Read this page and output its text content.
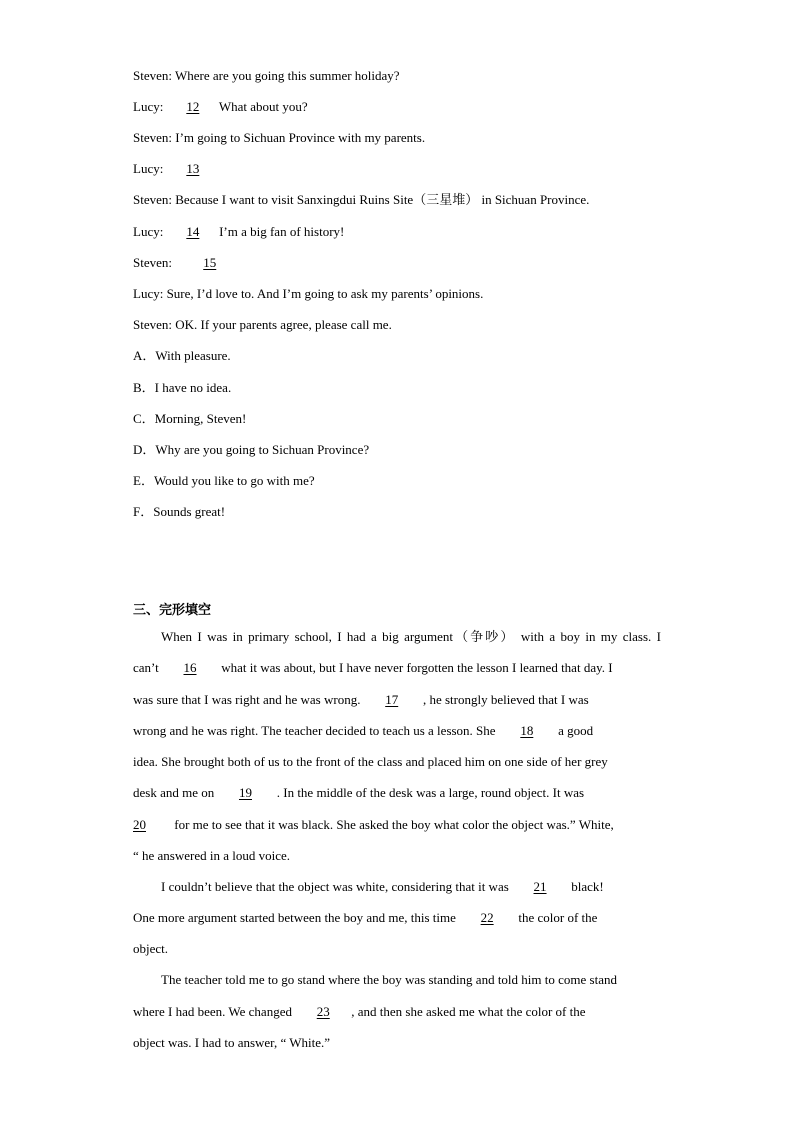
Steven: Where are you going this summer holiday?
Lucy: 12 What about you?
Steven: I’m going to Sichuan Province with my parents.
Lucy: 13
Steven: Because I want to visit Sanxingdui Ruins Site（三星堆） in Sichuan Province.
Lucy: 14 I’m a big fan of history!
Steven: 15
Lucy: Sure, I’d love to. And I’m going to ask my parents’ opinions.
Steven: OK. If your parents agree, please call me.
A．With pleasure.
B．I have no idea.
C．Morning, Steven!
D．Why are you going to Sichuan Province?
E．Would you like to go with me?
F．Sounds great!
三、完形填空
When I was in primary school, I had a big argument（争吵） with a boy in my class. I
can’t 16 what it was about, but I have never forgotten the lesson I learned that day. I
was sure that I was right and he was wrong. 17 , he strongly believed that I was
wrong and he was right. The teacher decided to teach us a lesson. She 18 a good
idea. She brought both of us to the front of the class and placed him on one side of her grey
desk and me on 19 . In the middle of the desk was a large, round object. It was
20 for me to see that it was black. She asked the boy what color the object was.” White,
“ he answered in a loud voice.
I couldn’t believe that the object was white, considering that it was 21 black!
One more argument started between the boy and me, this time 22 the color of the
object.
The teacher told me to go stand where the boy was standing and told him to come stand
where I had been. We changed 23 , and then she asked me what the color of the
object was. I had to answer, “ White.”
